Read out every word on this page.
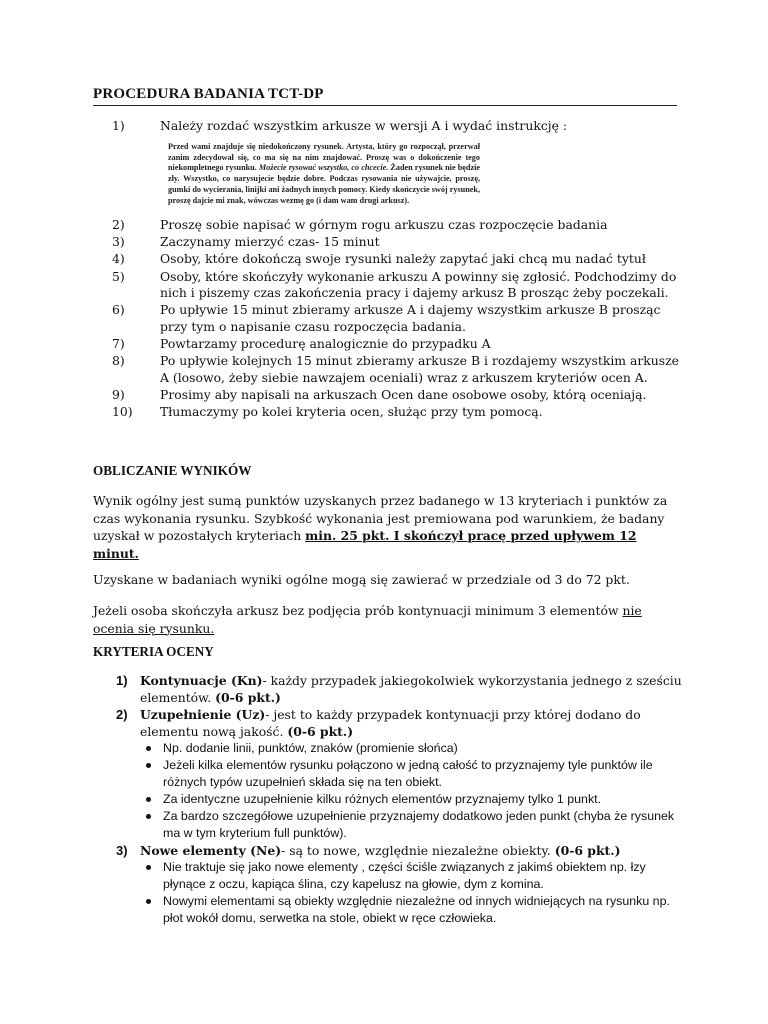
PROCEDURA BADANIA TCT-DP
1)	Należy rozdać wszystkim arkusze w wersji A i wydać instrukcję :
Przed wami znajduje się niedokończony rysunek. Artysta, który go rozpoczął, przerwał zanim zdecydował się, co ma się na nim znajdować. Proszę was o dokończenie tego niekompletnego rysunku. Możecie rysować wszystko, co chcecie. Żaden rysunek nie będzie zły. Wszystko, co narysujecie będzie dobre. Podczas rysowania nie używajcie, proszę, gumki do wycierania, linijki ani żadnych innych pomocy. Kiedy skończycie swój rysunek, proszę dajcie mi znak, wówczas wezmę go (i dam wam drugi arkusz).
2)	Proszę sobie napisać w górnym rogu arkuszu czas rozpoczęcie badania
3)	Zaczynamy mierzyć czas- 15 minut
4)	Osoby, które dokończą swoje rysunki należy zapytać jaki chcą mu nadać tytuł
5)	Osoby, które skończyły wykonanie arkuszu A powinny się zgłosić. Podchodzimy do nich i piszemy czas zakończenia pracy i dajemy arkusz B prosząc żeby poczekali.
6)	Po upływie 15 minut zbieramy arkusze A i dajemy wszystkim arkusze B prosząc przy tym o napisanie czasu rozpoczęcia badania.
7)	Powtarzamy procedurę analogicznie do przypadku A
8)	Po upływie kolejnych 15 minut zbieramy arkusze B i rozdajemy wszystkim arkusze A (losowo, żeby siebie nawzajem oceniali) wraz z arkuszem kryteriów ocen A.
9)	Prosimy aby napisali na arkuszach Ocen dane osobowe osoby, którą oceniają.
10) Tłumaczymy po kolei kryteria ocen, służąc przy tym pomocą.
OBLICZANIE WYNIKÓW
Wynik ogólny jest sumą punktów uzyskanych przez badanego w 13 kryteriach i punktów za czas wykonania rysunku. Szybkość wykonania jest premiowana pod warunkiem, że badany uzyskał w pozostałych kryteriach min. 25 pkt. I skończył pracę przed upływem 12 minut.
Uzyskane w badaniach wyniki ogólne mogą się zawierać w przedziale od 3 do 72 pkt.
Jeżeli osoba skończyła arkusz bez podjęcia prób kontynuacji minimum 3 elementów nie ocenia się rysunku.
KRYTERIA OCENY
1) Kontynuacje (Kn)- każdy przypadek jakiegokolwiek wykorzystania jednego z sześciu elementów. (0-6 pkt.)
2) Uzupełnienie (Uz)- jest to każdy przypadek kontynuacji przy której dodano do elementu nową jakość. (0-6 pkt.)
Np. dodanie linii, punktów, znaków (promienie słońca)
Jeżeli kilka elementów rysunku połączono w jedną całość to przyznajemy tyle punktów ile różnych typów uzupełnień składa się na ten obiekt.
Za identyczne uzupełnienie kilku różnych elementów przyznajemy tylko 1 punkt.
Za bardzo szczegółowe uzupełnienie przyznajemy dodatkowo jeden punkt (chyba że rysunek ma w tym kryterium full punktów).
3) Nowe elementy (Ne)- są to nowe, względnie niezależne obiekty. (0-6 pkt.)
Nie traktuje się jako nowe elementy , części ściśle związanych z jakimś obiektem np. łzy płynące z oczu, kapiąca ślina, czy kapelusz na głowie, dym z komina.
Nowymi elementami są obiekty względnie niezależne od innych widniejących na rysunku np. płot wokół domu, serwetka na stole, obiekt w ręce człowieka.
